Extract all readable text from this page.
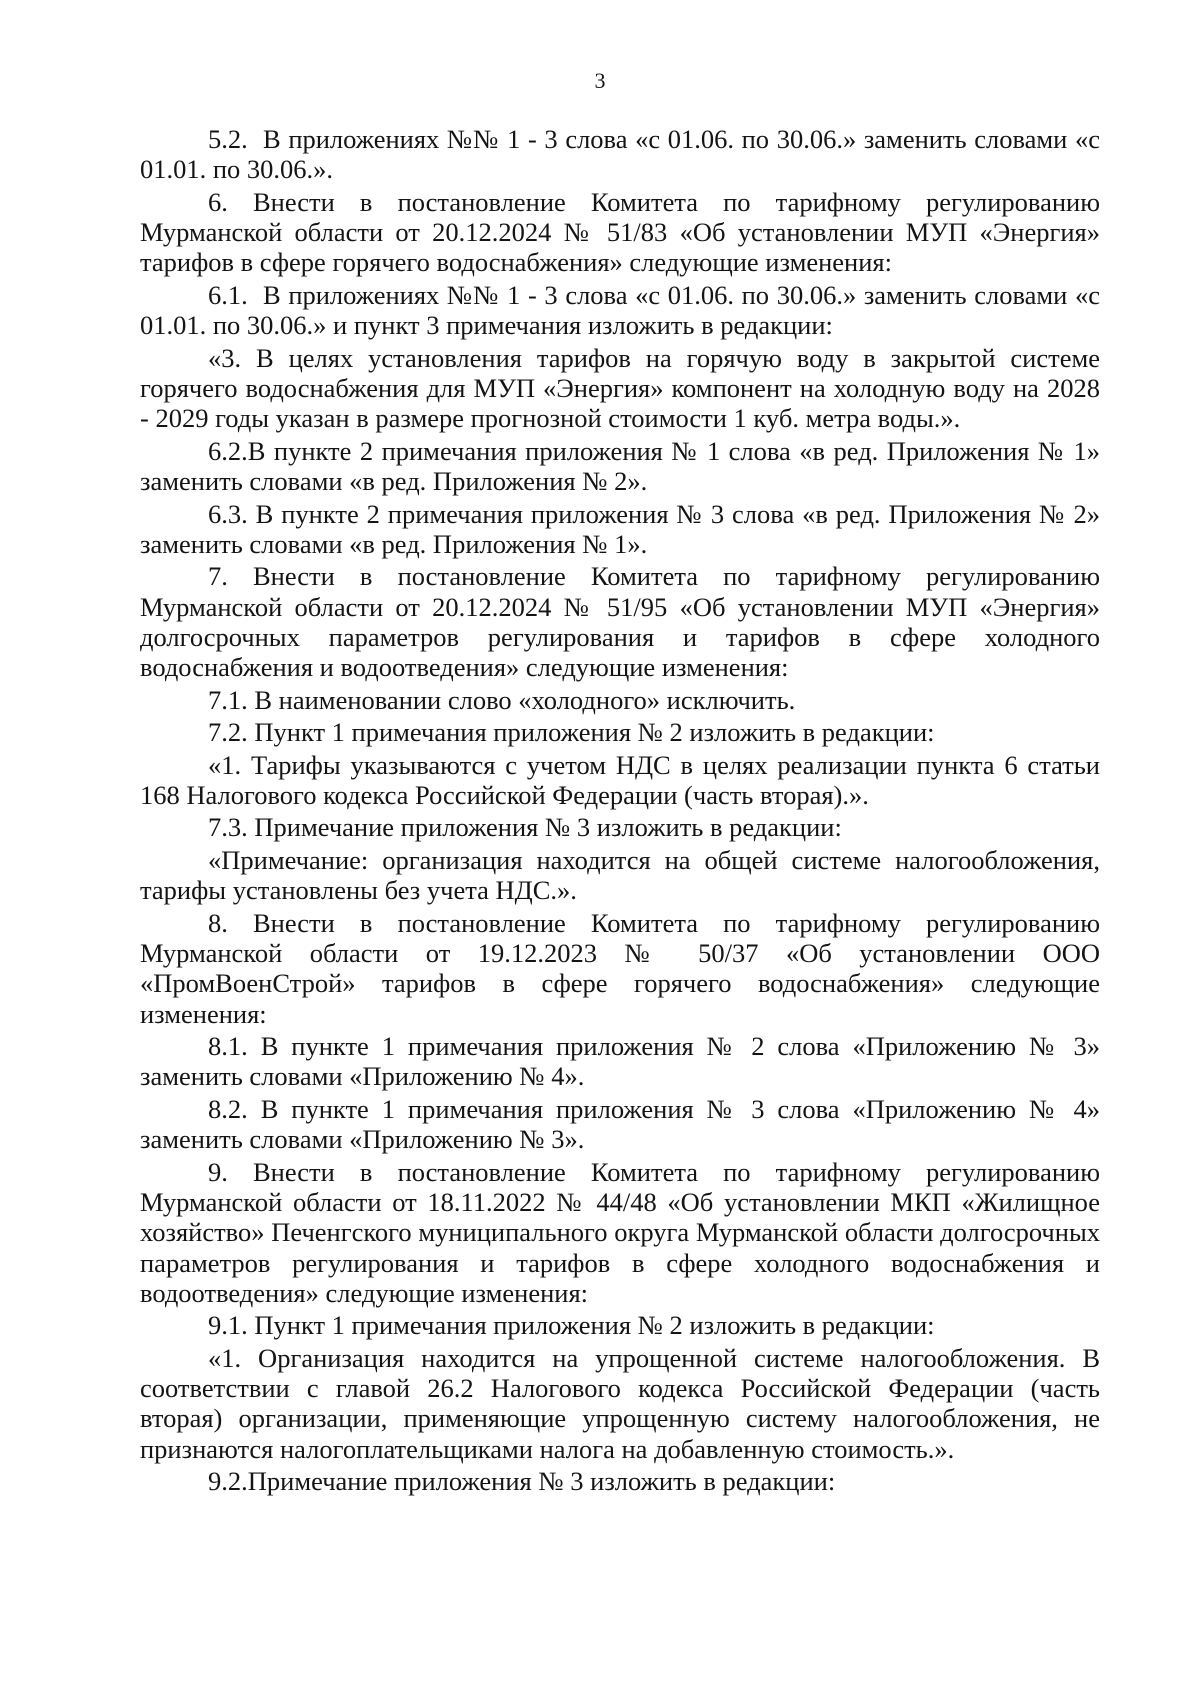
3

5.2.  В приложениях №№ 1 - 3 слова «с 01.06. по 30.06.» заменить словами «с 01.01. по 30.06.».

6. Внести в постановление Комитета по тарифному регулированию Мурманской области от 20.12.2024 № 51/83 «Об установлении МУП «Энергия» тарифов в сфере горячего водоснабжения» следующие изменения:

6.1.  В приложениях №№ 1 - 3 слова «с 01.06. по 30.06.» заменить словами «с 01.01. по 30.06.» и пункт 3 примечания изложить в редакции:

«3. В целях установления тарифов на горячую воду в закрытой системе горячего водоснабжения для МУП «Энергия» компонент на холодную воду на 2028 - 2029 годы указан в размере прогнозной стоимости 1 куб. метра воды.».

6.2.В пункте 2 примечания приложения № 1 слова «в ред. Приложения № 1» заменить словами «в ред. Приложения № 2».

6.3. В пункте 2 примечания приложения № 3 слова «в ред. Приложения № 2» заменить словами «в ред. Приложения № 1».

7. Внести в постановление Комитета по тарифному регулированию Мурманской области от 20.12.2024 № 51/95 «Об установлении МУП «Энергия» долгосрочных параметров регулирования и тарифов в сфере холодного водоснабжения и водоотведения» следующие изменения:

7.1. В наименовании слово «холодного» исключить.

7.2. Пункт 1 примечания приложения № 2 изложить в редакции:

«1. Тарифы указываются с учетом НДС в целях реализации пункта 6 статьи 168 Налогового кодекса Российской Федерации (часть вторая).».

7.3. Примечание приложения № 3 изложить в редакции:

«Примечание: организация находится на общей системе налогообложения, тарифы установлены без учета НДС.».

8. Внести в постановление Комитета по тарифному регулированию Мурманской области от 19.12.2023 № 50/37 «Об установлении ООО «ПромВоенСтрой» тарифов в сфере горячего водоснабжения» следующие изменения:

8.1. В пункте 1 примечания приложения № 2 слова «Приложению № 3» заменить словами «Приложению № 4».

8.2. В пункте 1 примечания приложения № 3 слова «Приложению № 4» заменить словами «Приложению № 3».

9. Внести в постановление Комитета по тарифному регулированию Мурманской области от 18.11.2022 № 44/48 «Об установлении МКП «Жилищное хозяйство» Печенгского муниципального округа Мурманской области долгосрочных параметров регулирования и тарифов в сфере холодного водоснабжения и водоотведения» следующие изменения:

9.1. Пункт 1 примечания приложения № 2 изложить в редакции:

«1. Организация находится на упрощенной системе налогообложения. В соответствии с главой 26.2 Налогового кодекса Российской Федерации (часть вторая) организации, применяющие упрощенную систему налогообложения, не признаются налогоплательщиками налога на добавленную стоимость.».

9.2.Примечание приложения № 3 изложить в редакции:
